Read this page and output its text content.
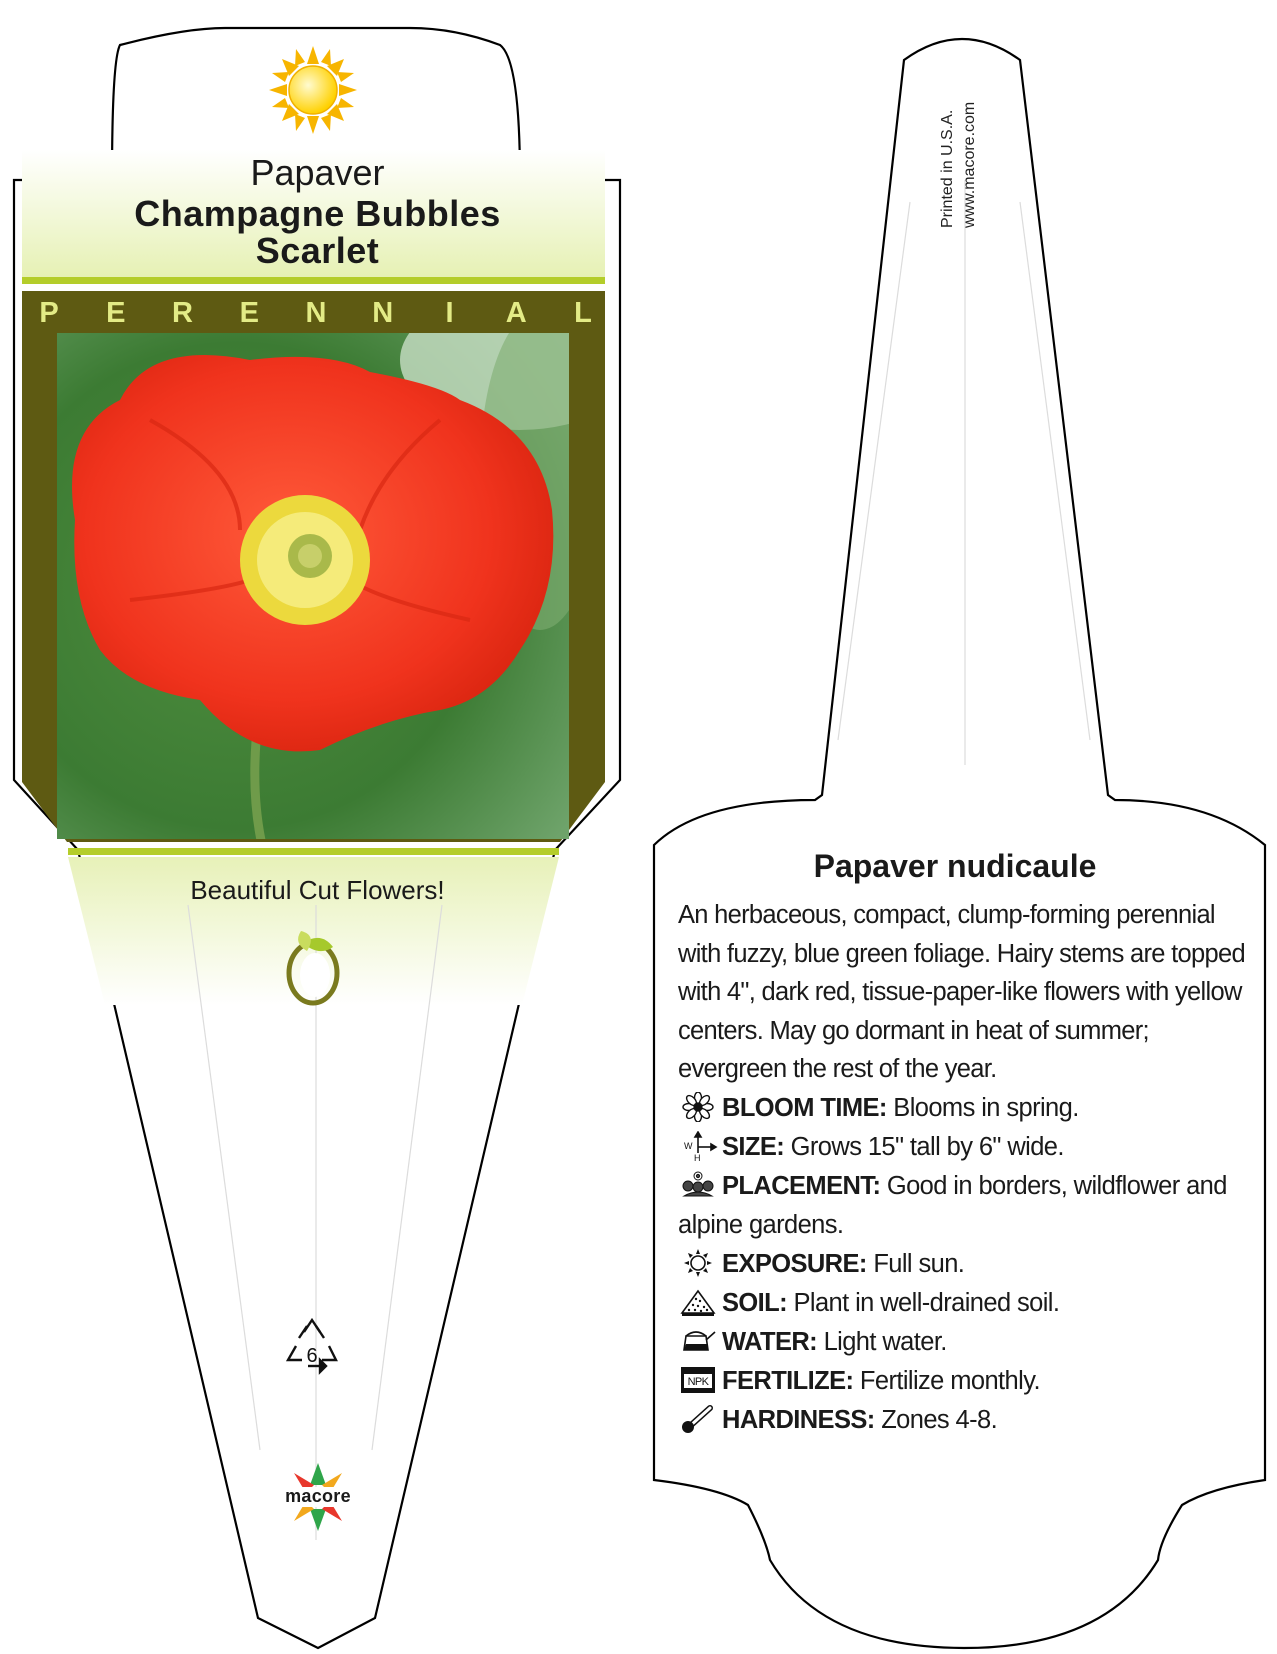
6
Papaver
Champagne Bubbles
Scarlet
P E R E N N	I	A L
Beautiful Cut Flowers!
macore
Printed in U.S.A. www.macore.com
Papaver nudicaule
An herbaceous, compact, clump-forming perennial with fuzzy, blue green foliage. Hairy stems are topped with 4", dark red, tissue-paper-like flowers with yellow centers. May go dormant in heat of summer; evergreen the rest of the year.
BLOOM TIME: Blooms in spring.
W
H SIZE: Grows 15" tall by 6" wide.
PLACEMENT: Good in borders, wildflower and alpine gardens.
EXPOSURE: Full sun.
SOIL: Plant in well-drained soil.
WATER: Light water.
NPK FERTILIZE: Fertilize monthly.
HARDINESS: Zones 4-8.
